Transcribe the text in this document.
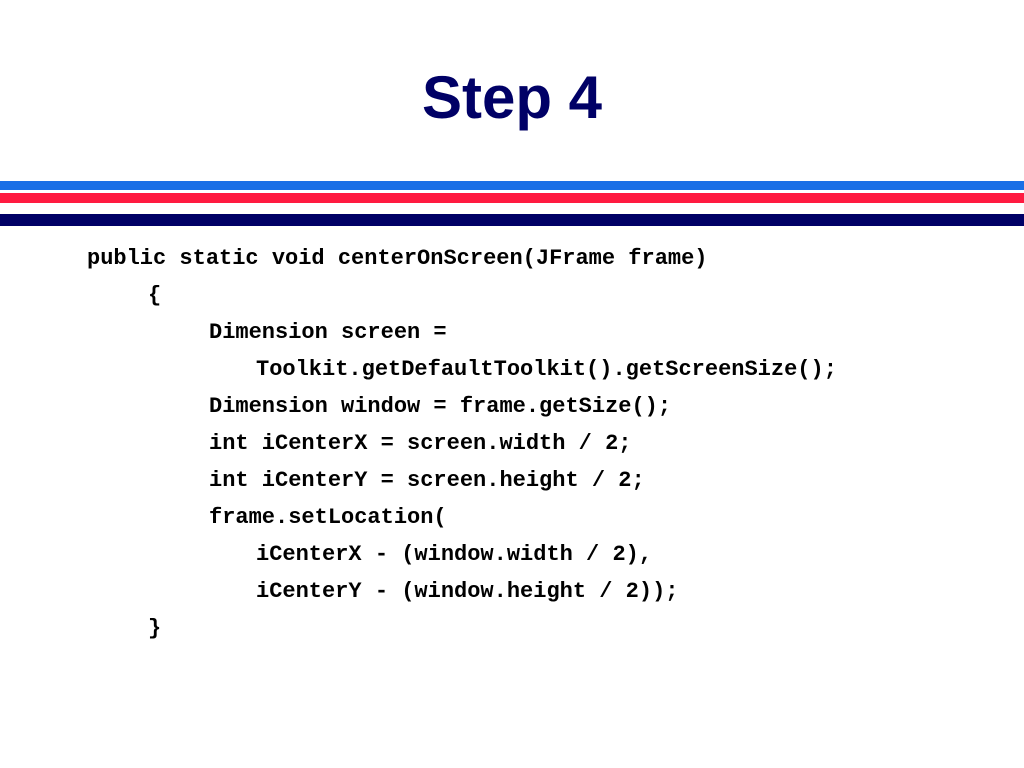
Step 4
public static void centerOnScreen(JFrame frame)
{
Dimension screen =
Toolkit.getDefaultToolkit().getScreenSize();
Dimension window = frame.getSize();
int iCenterX = screen.width / 2;
int iCenterY = screen.height / 2;
frame.setLocation(
iCenterX - (window.width / 2),
iCenterY - (window.height / 2));
}
